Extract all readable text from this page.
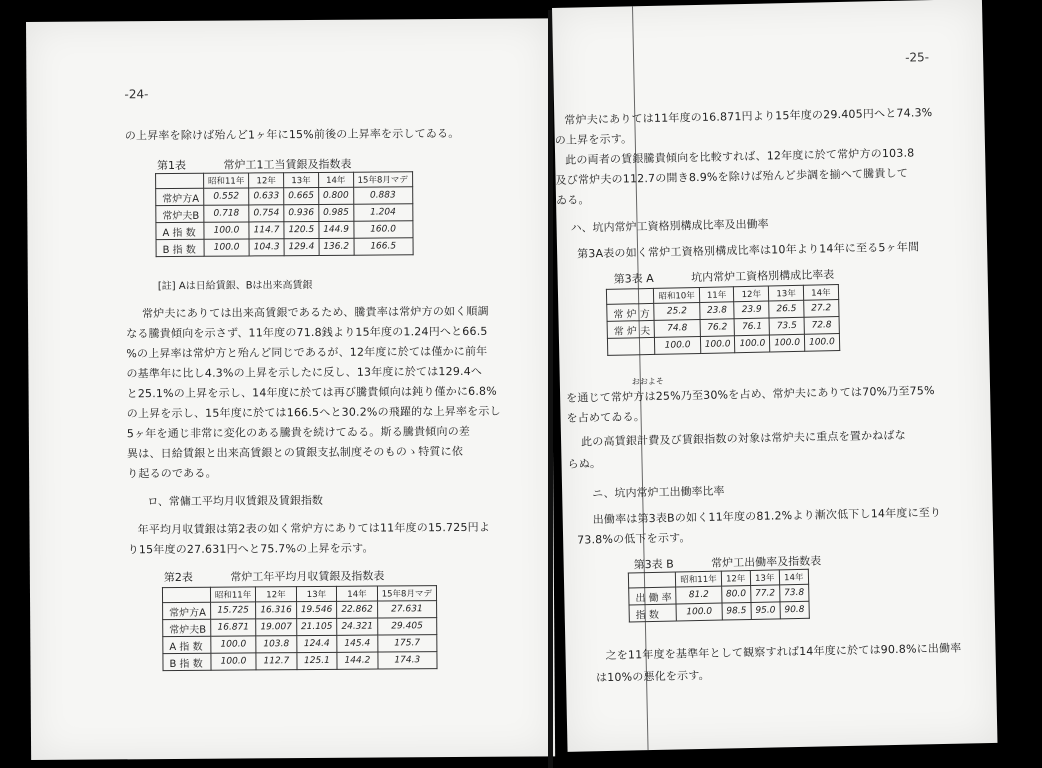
-24-
の上昇率を除けば殆んど1ヶ年に15%前後の上昇率を示してゐる。
第1表	常炉工1工当賃銀及指数表
	昭和11年	12年	13年	14年	15年8月マデ
常炉方A	0.552	0.633	0.665	0.800	0.883
常炉夫B	0.718	0.754	0.936	0.985	1.204
A 指 数	100.0	114.7	120.5	144.9	160.0
B 指 数	100.0	104.3	129.4	136.2	166.5
[註] Aは日給賃銀、Bは出来高賃銀
常炉夫にありては出来高賃銀であるため、騰貴率は常炉方の如く順調
なる騰貴傾向を示さず、11年度の71.8銭より15年度の1.24円へと66.5
%の上昇率は常炉方と殆んど同じであるが、12年度に於ては僅かに前年
の基準年に比し4.3%の上昇を示したに反し、13年度に於ては129.4へ
と25.1%の上昇を示し、14年度に於ては再び騰貴傾向は鈍り僅かに6.8%
の上昇を示し、15年度に於ては166.5へと30.2%の飛躍的な上昇率を示し
5ヶ年を通じ非常に変化のある騰貴を続けてゐる。斯る騰貴傾向の差
異は、日給賃銀と出来高賃銀との賃銀支払制度そのものゝ特質に依
り起るのである。
ロ、常傭工平均月収賃銀及賃銀指数
年平均月収賃銀は第2表の如く常炉方にありては11年度の15.725円よ
り15年度の27.631円へと75.7%の上昇を示す。
第2表	常炉工年平均月収賃銀及指数表
	昭和11年	12年	13年	14年	15年8月マデ
常炉方A	15.725	16.316	19.546	22.862	27.631
常炉夫B	16.871	19.007	21.105	24.321	29.405
A 指 数	100.0	103.8	124.4	145.4	175.7
B 指 数	100.0	112.7	125.1	144.2	174.3
-25-
常炉夫にありては11年度の16.871円より15年度の29.405円へと74.3%
の上昇を示す。
此の両者の賃銀騰貴傾向を比較すれば、12年度に於て常炉方の103.8
及び常炉夫の112.7の開き8.9%を除けば殆んど歩調を揃へて騰貴して
ゐる。
ハ、坑内常炉工資格別構成比率及出働率
第3A表の如く常炉工資格別構成比率は10年より14年に至る5ヶ年間
第3表 A	坑内常炉工資格別構成比率表
	昭和10年	11年	12年	13年	14年
常 炉 方	25.2	23.8	23.9	26.5	27.2
常 炉 夫	74.8	76.2	76.1	73.5	72.8
	100.0	100.0	100.0	100.0	100.0
おおよそ
を通じて常炉方は25%乃至30%を占め、常炉夫にありては70%乃至75%
を占めてゐる。
此の高賃銀計費及び賃銀指数の対象は常炉夫に重点を置かねばな
らぬ。
ニ、坑内常炉工出働率比率
出働率は第3表Bの如く11年度の81.2%より漸次低下し14年度に至り
73.8%の低下を示す。
第3表 B	常炉工出働率及指数表
	昭和11年	12年	13年	14年
出 働 率	81.2	80.0	77.2	73.8
指 数	100.0	98.5	95.0	90.8
之を11年度を基準年として観察すれば14年度に於ては90.8%に出働率
は10%の悪化を示す。
